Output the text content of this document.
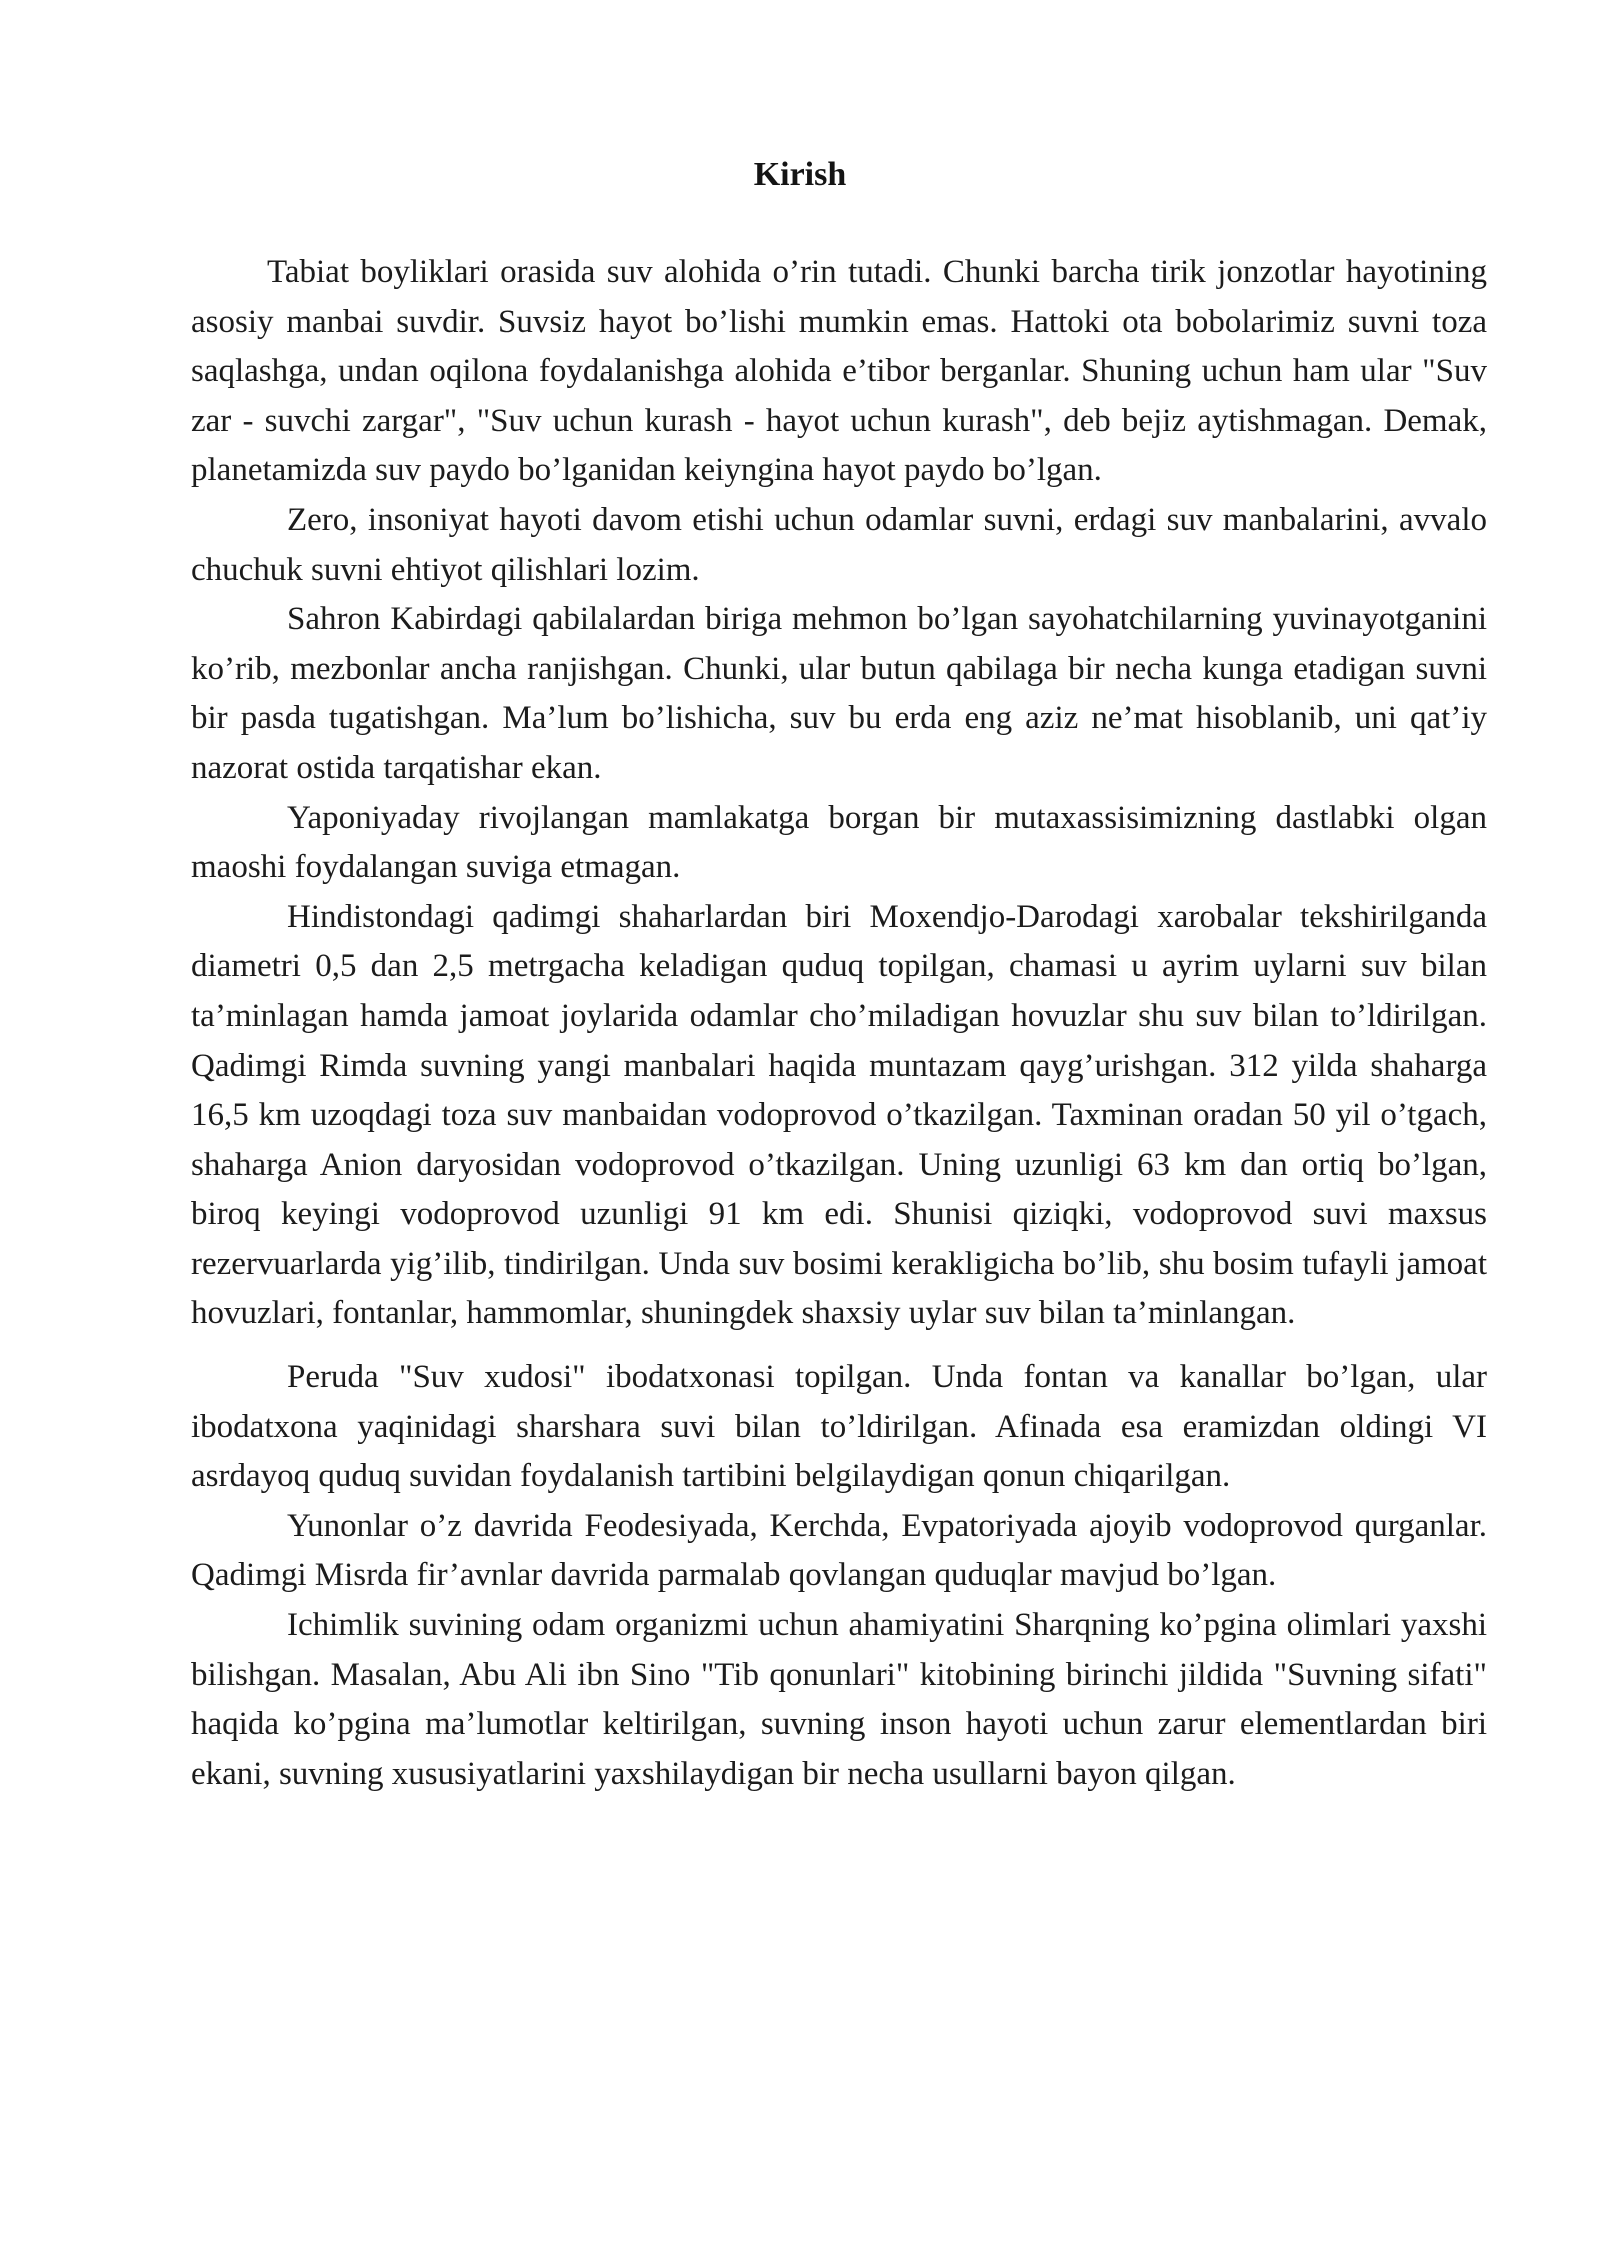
Kirish

Tabiat boyliklari orasida suv alohida o’rin tutadi. Chunki barcha tirik jonzotlar hayotining asosiy manbai suvdir. Suvsiz hayot bo’lishi mumkin emas. Hattoki ota bobolarimiz suvni toza saqlashga, undan oqilona foydalanishga alohida e’tibor berganlar. Shuning uchun ham ular "Suv zar - suvchi zargar", "Suv uchun kurash - hayot uchun kurash", deb bejiz aytishmagan. Demak, planetamizda suv paydo bo’lganidan keiyngina hayot paydo bo’lgan.

Zero, insoniyat hayoti davom etishi uchun odamlar suvni, erdagi suv manbalarini, avvalo chuchuk suvni ehtiyot qilishlari lozim.

Sahron Kabirdagi qabilalardan biriga mehmon bo’lgan sayohatchilarning yuvinayotganini ko’rib, mezbonlar ancha ranjishgan. Chunki, ular butun qabilaga bir necha kunga etadigan suvni bir pasda tugatishgan. Ma’lum bo’lishicha, suv bu erda eng aziz ne’mat hisoblanib, uni qat’iy nazorat ostida tarqatishar ekan.

Yaponiyaday rivojlangan mamlakatga borgan bir mutaxassisimizning dastlabki olgan maoshi foydalangan suviga etmagan.

Hindistondagi qadimgi shaharlardan biri Moxendjo-Darodagi xarobalar tekshirilganda diametri 0,5 dan 2,5 metrgacha keladigan quduq topilgan, chamasi u ayrim uylarni suv bilan ta’minlagan hamda jamoat joylarida odamlar cho’miladigan hovuzlar shu suv bilan to’ldirilgan. Qadimgi Rimda suvning yangi manbalari haqida muntazam qayg’urishgan. 312 yilda shaharga 16,5 km uzoqdagi toza suv manbaidan vodoprovod o’tkazilgan. Taxminan oradan 50 yil o’tgach, shaharga Anion daryosidan vodoprovod o’tkazilgan. Uning uzunligi 63 km dan ortiq bo’lgan, biroq keyingi vodoprovod uzunligi 91 km edi. Shunisi qiziqki, vodoprovod suvi maxsus rezervuarlarda yig’ilib, tindirilgan. Unda suv bosimi kerakligicha bo’lib, shu bosim tufayli jamoat hovuzlari, fontanlar, hammomlar, shuningdek shaxsiy uylar suv bilan ta’minlangan.

Peruda "Suv xudosi" ibodatxonasi topilgan. Unda fontan va kanallar bo’lgan, ular ibodatxona yaqinidagi sharshara suvi bilan to’ldirilgan. Afinada esa eramizdan oldingi VI asrdayoq quduq suvidan foydalanish tartibini belgilaydigan qonun chiqarilgan.

Yunonlar o’z davrida Feodesiyada, Kerchda, Evpatoriyada ajoyib vodoprovod qurganlar. Qadimgi Misrda fir’avnlar davrida parmalab qovlangan quduqlar mavjud bo’lgan.

Ichimlik suvining odam organizmi uchun ahamiyatini Sharqning ko’pgina olimlari yaxshi bilishgan. Masalan, Abu Ali ibn Sino "Tib qonunlari" kitobining birinchi jildida "Suvning sifati" haqida ko’pgina ma’lumotlar keltirilgan, suvning inson hayoti uchun zarur elementlardan biri ekani, suvning xususiyatlarini yaxshilaydigan bir necha usullarni bayon qilgan.
